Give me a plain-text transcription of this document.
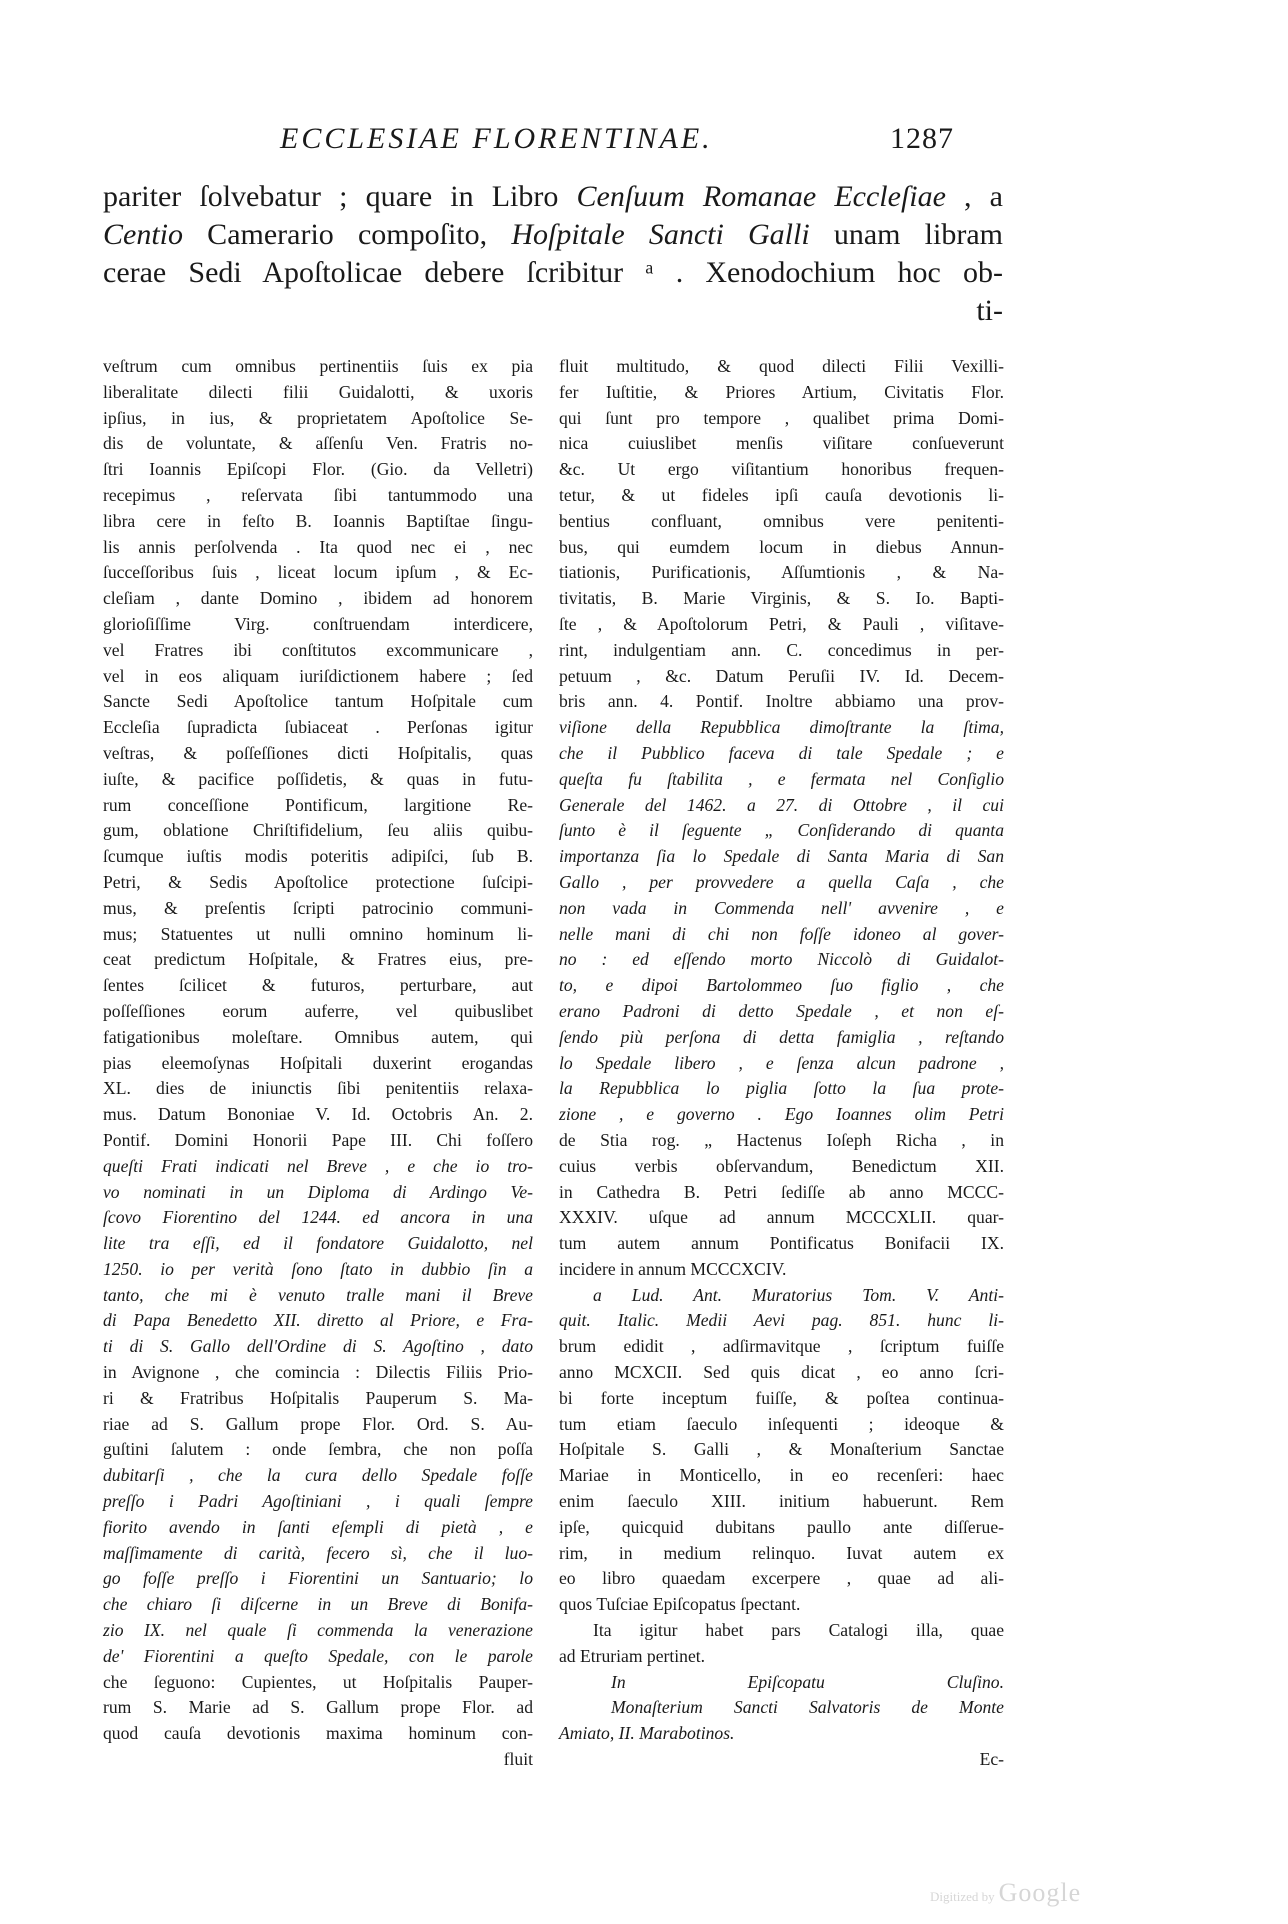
ECCLESIAE FLORENTINAE.	1287
pariter ſolvebatur ; quare in Libro Cenſuum Romanae Eccleſiae , a
Centio Camerario compoſito, Hoſpitale Sancti Galli unam libram
cerae Sedi Apoſtolicae debere ſcribitur ᵃ . Xenodochium hoc ob-
ti-
veſtrum cum omnibus pertinentiis ſuis ex pia
liberalitate dilecti filii Guidalotti, & uxoris
ipſius, in ius, & proprietatem Apoſtolice Se-
dis de voluntate, & aſſenſu Ven. Fratris no-
ſtri Ioannis Epiſcopi Flor. (Gio. da Velletri)
recepimus , reſervata ſibi tantummodo una
libra cere in feſto B. Ioannis Baptiſtae ſingu-
lis annis perſolvenda . Ita quod nec ei , nec
ſucceſſoribus ſuis , liceat locum ipſum , & Ec-
cleſiam , dante Domino , ibidem ad honorem
glorioſiſſime Virg. conſtruendam interdicere,
vel Fratres ibi conſtitutos excommunicare ,
vel in eos aliquam iuriſdictionem habere ; ſed
Sancte Sedi Apoſtolice tantum Hoſpitale cum
Eccleſia ſupradicta ſubiaceat . Perſonas igitur
veſtras, & poſſeſſiones dicti Hoſpitalis, quas
iuſte, & pacifice poſſidetis, & quas in futu-
rum conceſſione Pontificum, largitione Re-
gum, oblatione Chriſtifidelium, ſeu aliis quibu-
ſcumque iuſtis modis poteritis adipiſci, ſub B.
Petri, & Sedis Apoſtolice protectione ſuſcipi-
mus, & preſentis ſcripti patrocinio communi-
mus; Statuentes ut nulli omnino hominum li-
ceat predictum Hoſpitale, & Fratres eius, pre-
ſentes ſcilicet & futuros, perturbare, aut
poſſeſſiones eorum auferre, vel quibuslibet
fatigationibus moleſtare. Omnibus autem, qui
pias eleemoſynas Hoſpitali duxerint erogandas
XL. dies de iniunctis ſibi penitentiis relaxa-
mus. Datum Bononiae V. Id. Octobris An. 2.
Pontif. Domini Honorii Pape III. Chi foſſero
queſti Frati indicati nel Breve , e che io tro-
vo nominati in un Diploma di Ardingo Ve-
ſcovo Fiorentino del 1244. ed ancora in una
lite tra eſſi, ed il fondatore Guidalotto, nel
1250. io per verità ſono ſtato in dubbio ſin a
tanto, che mi è venuto tralle mani il Breve
di Papa Benedetto XII. diretto al Priore, e Fra-
ti di S. Gallo dell'Ordine di S. Agoſtino , dato
in Avignone , che comincia : Dilectis Filiis Prio-
ri & Fratribus Hoſpitalis Pauperum S. Ma-
riae ad S. Gallum prope Flor. Ord. S. Au-
guſtini ſalutem : onde ſembra, che non poſſa
dubitarſi , che la cura dello Spedale foſſe
preſſo i Padri Agoſtiniani , i quali ſempre
fiorito avendo in ſanti eſempli di pietà , e
maſſimamente di carità, fecero sì, che il luo-
go foſſe preſſo i Fiorentini un Santuario; lo
che chiaro ſi diſcerne in un Breve di Bonifa-
zio IX. nel quale ſi commenda la venerazione
de' Fiorentini a queſto Spedale, con le parole
che ſeguono: Cupientes, ut Hoſpitalis Pauper-
rum S. Marie ad S. Gallum prope Flor. ad
quod cauſa devotionis maxima hominum con-
fluit
fluit multitudo, & quod dilecti Filii Vexilli-
fer Iuſtitie, & Priores Artium, Civitatis Flor.
qui ſunt pro tempore , qualibet prima Domi-
nica cuiuslibet menſis viſitare conſueverunt
&c. Ut ergo viſitantium honoribus frequen-
tetur, & ut fideles ipſi cauſa devotionis li-
bentius confluant, omnibus vere penitenti-
bus, qui eumdem locum in diebus Annun-
tiationis, Purificationis, Aſſumtionis , & Na-
tivitatis, B. Marie Virginis, & S. Io. Bapti-
ſte , & Apoſtolorum Petri, & Pauli , viſitave-
rint, indulgentiam ann. C. concedimus in per-
petuum , &c. Datum Peruſii IV. Id. Decem-
bris ann. 4. Pontif. Inoltre abbiamo una prov-
viſione della Repubblica dimoſtrante la ſtima,
che il Pubblico faceva di tale Spedale ; e
queſta fu ſtabilita , e fermata nel Conſiglio
Generale del 1462. a 27. di Ottobre , il cui
ſunto è il ſeguente „ Conſiderando di quanta
importanza ſia lo Spedale di Santa Maria di San
Gallo , per provvedere a quella Caſa , che
non vada in Commenda nell' avvenire , e
nelle mani di chi non foſſe idoneo al gover-
no : ed eſſendo morto Niccolò di Guidalot-
to, e dipoi Bartolommeo ſuo figlio , che
erano Padroni di detto Spedale , et non eſ-
ſendo più perſona di detta famiglia , reſtando
lo Spedale libero , e ſenza alcun padrone ,
la Repubblica lo piglia ſotto la ſua prote-
zione , e governo . Ego Ioannes olim Petri
de Stia rog. „ Hactenus Ioſeph Richa , in
cuius verbis obſervandum, Benedictum XII.
in Cathedra B. Petri ſediſſe ab anno MCCC-
XXXIV. uſque ad annum MCCCXLII. quar-
tum autem annum Pontificatus Bonifacii IX.
incidere in annum MCCCXCIV.
a Lud. Ant. Muratorius Tom. V. Anti-
quit. Italic. Medii Aevi pag. 851. hunc li-
brum edidit , adſirmavitque , ſcriptum fuiſſe
anno MCXCII. Sed quis dicat , eo anno ſcri-
bi forte inceptum fuiſſe, & poſtea continua-
tum etiam ſaeculo inſequenti ; ideoque &
Hoſpitale S. Galli , & Monaſterium Sanctae
Mariae in Monticello, in eo recenſeri: haec
enim ſaeculo XIII. initium habuerunt. Rem
ipſe, quicquid dubitans paullo ante diſſerue-
rim, in medium relinquo. Iuvat autem ex
eo libro quaedam excerpere , quae ad ali-
quos Tuſciae Epiſcopatus ſpectant.
Ita igitur habet pars Catalogi illa, quae
ad Etruriam pertinet.
In Epiſcopatu Cluſino.
Monaſterium Sancti Salvatoris de Monte
Amiato, II. Marabotinos.
Ec-
Digitized by Google
